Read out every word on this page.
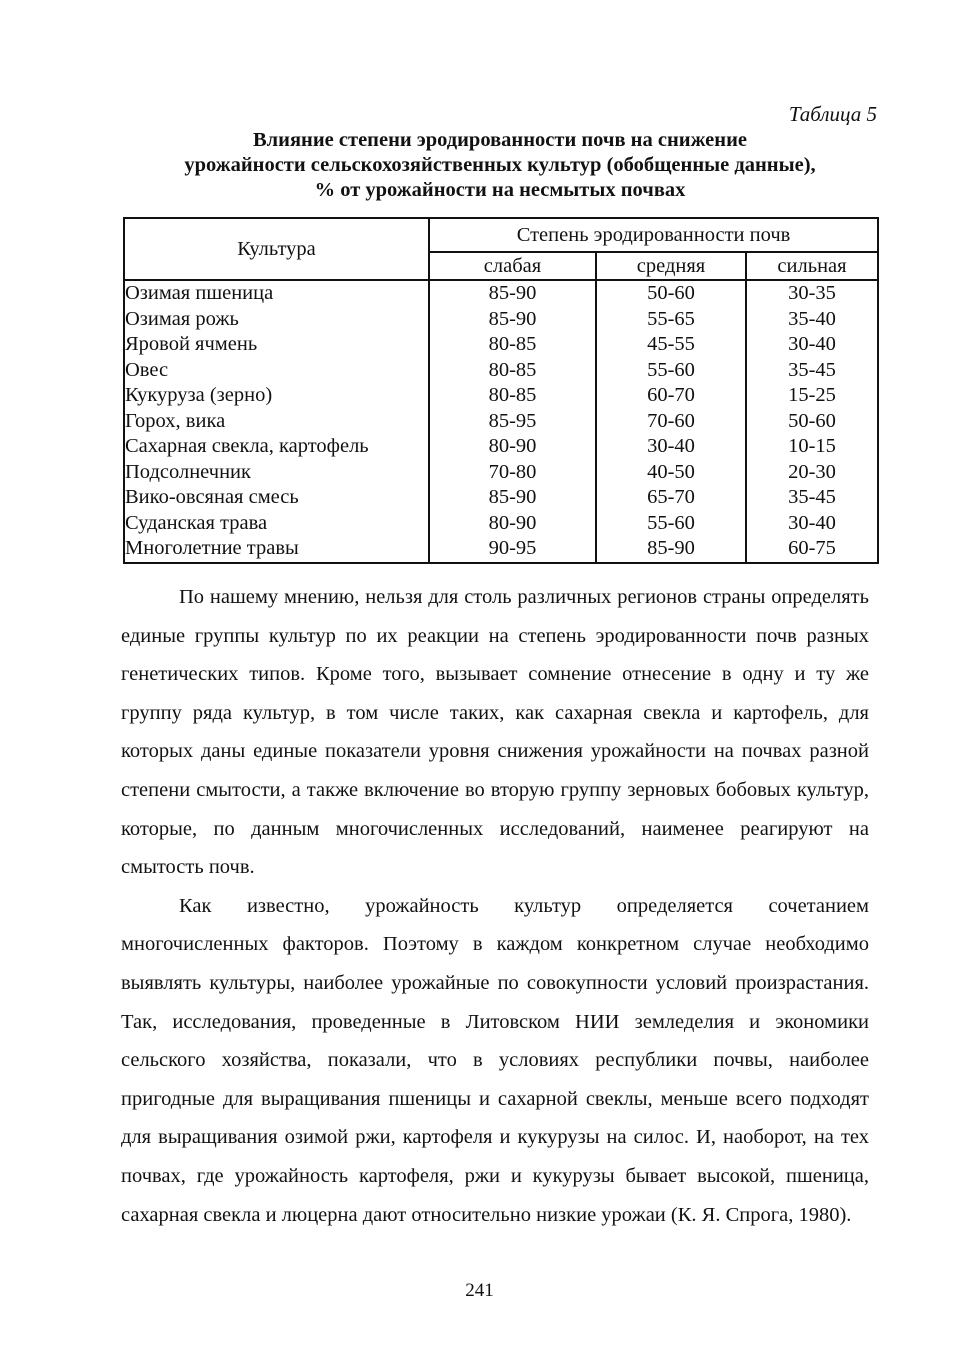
Таблица 5
Влияние степени эродированности почв на снижение
урожайности сельскохозяйственных культур (обобщенные данные),
% от урожайности на несмытых почвах
Культура	Степень эродированности почв		
	слабая	средняя	сильная
Озимая пшеница	85-90	50-60	30-35
Озимая рожь	85-90	55-65	35-40
Яровой ячмень	80-85	45-55	30-40
Овес	80-85	55-60	35-45
Кукуруза (зерно)	80-85	60-70	15-25
Горох, вика	85-95	70-60	50-60
Сахарная свекла, картофель	80-90	30-40	10-15
Подсолнечник	70-80	40-50	20-30
Вико-овсяная смесь	85-90	65-70	35-45
Суданская трава	80-90	55-60	30-40
Многолетние травы	90-95	85-90	60-75

По нашему мнению, нельзя для столь различных регионов страны определять единые группы культур по их реакции на степень эродированности почв разных генетических типов. Кроме того, вызывает сомнение отнесение в одну и ту же группу ряда культур, в том числе таких, как сахарная свекла и картофель, для которых даны единые показатели уровня снижения урожайности на почвах разной степени смытости, а также включение во вторую группу зерновых бобовых культур, которые, по данным многочисленных исследований, наименее реагируют на смытость почв.

Как известно, урожайность культур определяется сочетанием многочисленных факторов. Поэтому в каждом конкретном случае необходимо выявлять культуры, наиболее урожайные по совокупности условий произрастания. Так, исследования, проведенные в Литовском НИИ земледелия и экономики сельского хозяйства, показали, что в условиях республики почвы, наиболее пригодные для выращивания пшеницы и сахарной свеклы, меньше всего подходят для выращивания озимой ржи, картофеля и кукурузы на силос. И, наоборот, на тех почвах, где урожайность картофеля, ржи и кукурузы бывает высокой, пшеница, сахарная свекла и люцерна дают относительно низкие урожаи (К. Я. Спрога, 1980).

241
